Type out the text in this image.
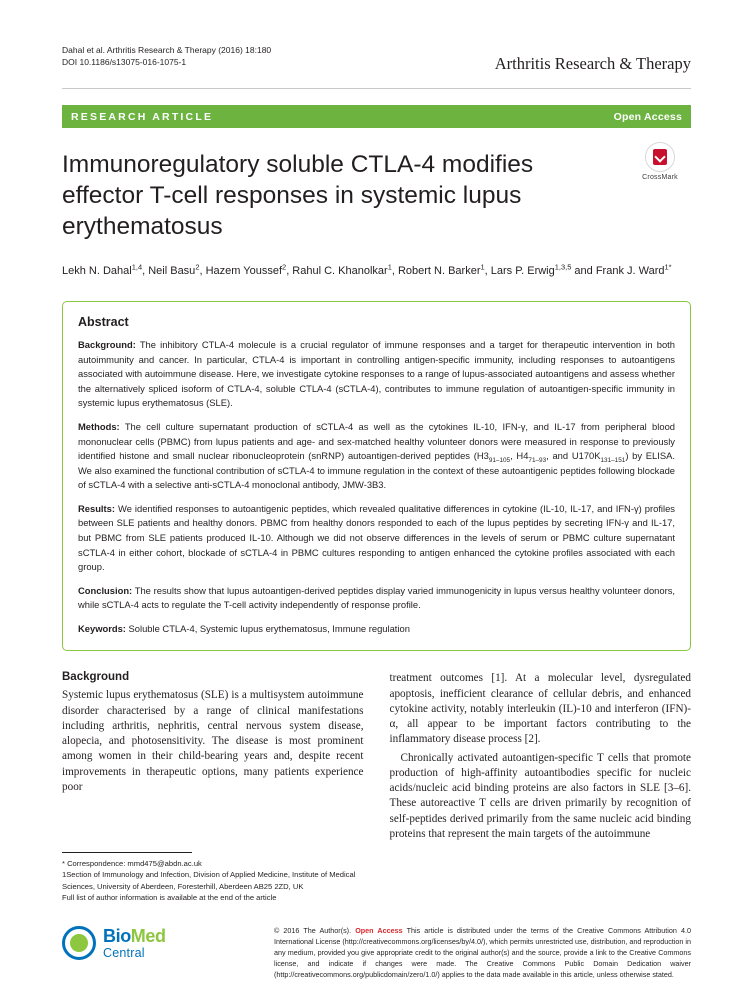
Dahal et al. Arthritis Research & Therapy (2016) 18:180
DOI 10.1186/s13075-016-1075-1	Arthritis Research & Therapy
RESEARCH ARTICLE	Open Access
Immunoregulatory soluble CTLA-4 modifies effector T-cell responses in systemic lupus erythematosus
CrossMark
Lekh N. Dahal$^{1,4}$, Neil Basu$^2$, Hazem Youssef$^2$, Rahul C. Khanolkar$^1$, Robert N. Barker$^1$, Lars P. Erwig$^{1,3,5}$ and Frank J. Ward$^{1*}$
Abstract

Background: The inhibitory CTLA-4 molecule is a crucial regulator of immune responses and a target for therapeutic intervention in both autoimmunity and cancer. In particular, CTLA-4 is important in controlling antigen-specific immunity, including responses to autoantigens associated with autoimmune disease. Here, we investigate cytokine responses to a range of lupus-associated autoantigens and assess whether the alternatively spliced isoform of CTLA-4, soluble CTLA-4 (sCTLA-4), contributes to immune regulation of autoantigen-specific immunity in systemic lupus erythematosus (SLE).

Methods: The cell culture supernatant production of sCTLA-4 as well as the cytokines IL-10, IFN-γ, and IL-17 from peripheral blood mononuclear cells (PBMC) from lupus patients and age- and sex-matched healthy volunteer donors were measured in response to previously identified histone and small nuclear ribonucleoprotein (snRNP) autoantigen-derived peptides ($H3_{91-105}$, $H4_{71-93}$, and $U170K_{131-151}$) by ELISA. We also examined the functional contribution of sCTLA-4 to immune regulation in the context of these autoantigenic peptides following blockade of sCTLA-4 with a selective anti-sCTLA-4 monoclonal antibody, JMW-3B3.

Results: We identified responses to autoantigenic peptides, which revealed qualitative differences in cytokine (IL-10, IL-17, and IFN-γ) profiles between SLE patients and healthy donors. PBMC from healthy donors responded to each of the lupus peptides by secreting IFN-γ and IL-17, but PBMC from SLE patients produced IL-10. Although we did not observe differences in the levels of serum or PBMC culture supernatant sCTLA-4 in either cohort, blockade of sCTLA-4 in PBMC cultures responding to antigen enhanced the cytokine profiles associated with each group.

Conclusion: The results show that lupus autoantigen-derived peptides display varied immunogenicity in lupus versus healthy volunteer donors, while sCTLA-4 acts to regulate the T-cell activity independently of response profile.

Keywords: Soluble CTLA-4, Systemic lupus erythematosus, Immune regulation

Background

Systemic lupus erythematosus (SLE) is a multisystem autoimmune disorder characterised by a range of clinical manifestations including arthritis, nephritis, central nervous system disease, alopecia, and photosensitivity. The disease is most prominent among women in their child-bearing years and, despite recent improvements in therapeutic options, many patients experience poor

treatment outcomes [1]. At a molecular level, dysregulated apoptosis, inefficient clearance of cellular debris, and enhanced cytokine activity, notably interleukin (IL)-10 and interferon (IFN)-α, all appear to be important factors contributing to the inflammatory disease process [2].

Chronically activated autoantigen-specific T cells that promote production of high-affinity autoantibodies specific for nucleic acids/nucleic acid binding proteins are also factors in SLE [3–6]. These autoreactive T cells are driven primarily by recognition of self-peptides derived primarily from the same nucleic acid binding proteins that represent the main targets of the autoimmune

* Correspondence: mmd475@abdn.ac.uk
1Section of Immunology and Infection, Division of Applied Medicine, Institute of Medical Sciences, University of Aberdeen, Foresterhill, Aberdeen AB25 2ZD, UK
Full list of author information is available at the end of the article
BioMed
Central
© 2016 The Author(s). Open Access This article is distributed under the terms of the Creative Commons Attribution 4.0 International License (http://creativecommons.org/licenses/by/4.0/), which permits unrestricted use, distribution, and reproduction in any medium, provided you give appropriate credit to the original author(s) and the source, provide a link to the Creative Commons license, and indicate if changes were made. The Creative Commons Public Domain Dedication waiver (http://creativecommons.org/publicdomain/zero/1.0/) applies to the data made available in this article, unless otherwise stated.
